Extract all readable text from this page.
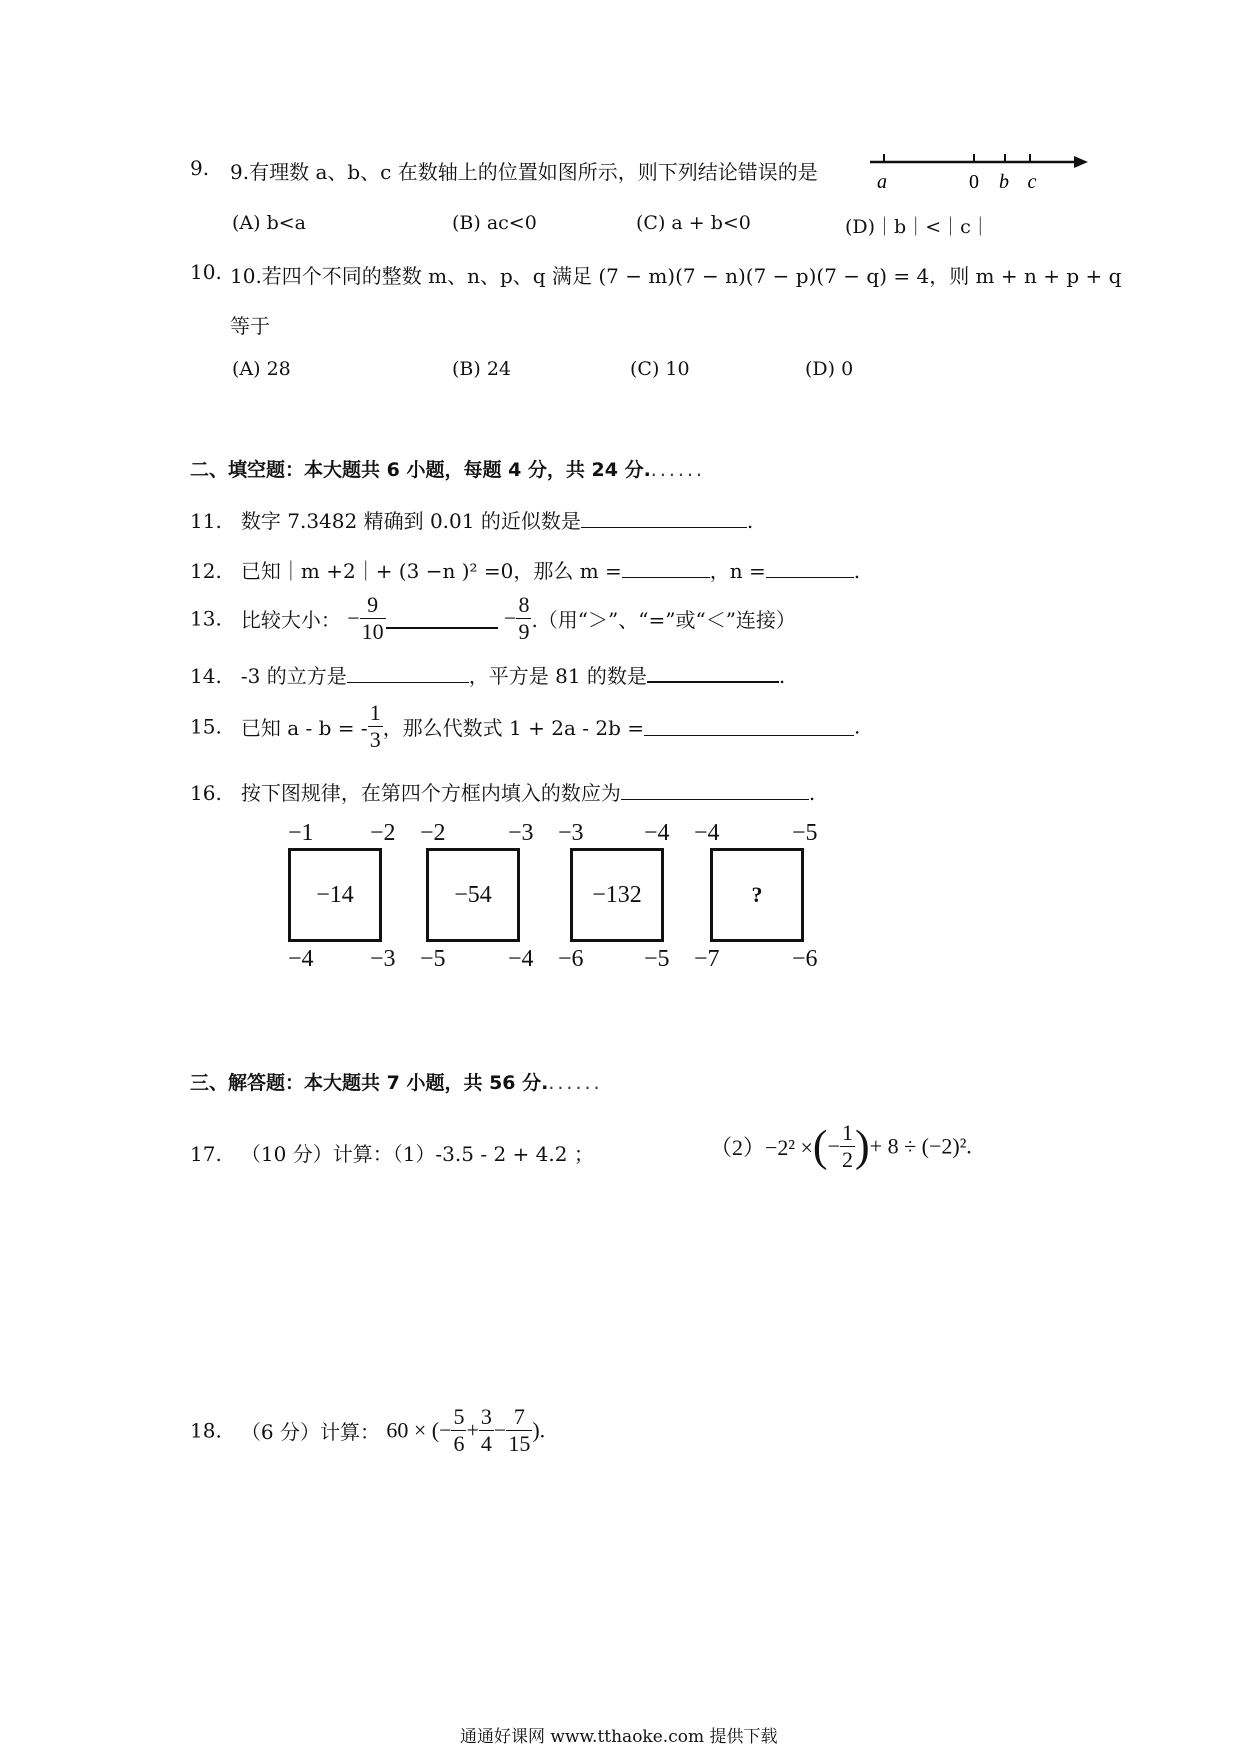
9. 9.有理数 a、b、c 在数轴上的位置如图所示，则下列结论错误的是	a	0 b c
(A) b<a	(B) ac<0	(C) a + b<0	(D)｜b｜<｜c｜
10. 10.若四个不同的整数 m、n、p、q 满足 (7 − m)(7 − n)(7 − p)(7 − q) = 4，则 m + n + p + q
等于
(A) 28	(B) 24	(C) 10	(D) 0
二、填空题：本大题共 6 小题，每题 4 分，共 24 分.......
11. 数字 7.3482 精确到 0.01 的近似数是	.
12. 已知｜m +2｜+ (3 −n )² =0，那么 m =	，n =	.
13. 比较大小： − $\frac{9}{10}$	− $\frac{8}{9}$ .（用“＞”、“=”或“＜”连接）
14. -3 的立方是	，平方是 81 的数是	.
15. 已知 a - b = - $\frac{1}{3}$ ，那么代数式 1 + 2a - 2b =	.
16. 按下图规律，在第四个方框内填入的数应为	.
−1 −2
−14
−4 −3
−2	−3
−54
−5	−4
−3	−4
−132
−6	−5
−4	−5
?
−7	−6
三、解答题：本大题共 7 小题，共 56 分.......
17. （10 分）计算：（1）-3.5 - 2 + 4.2 ；	（2）−2² ×(− $\frac{1}{2}$ )+ 8 ÷ (−2)².
18. （6 分）计算： 60 × (− $\frac{5}{6} + \frac{3}{4} - \frac{7}{15}$ ).
通通好课网 www.tthaoke.com 提供下载
